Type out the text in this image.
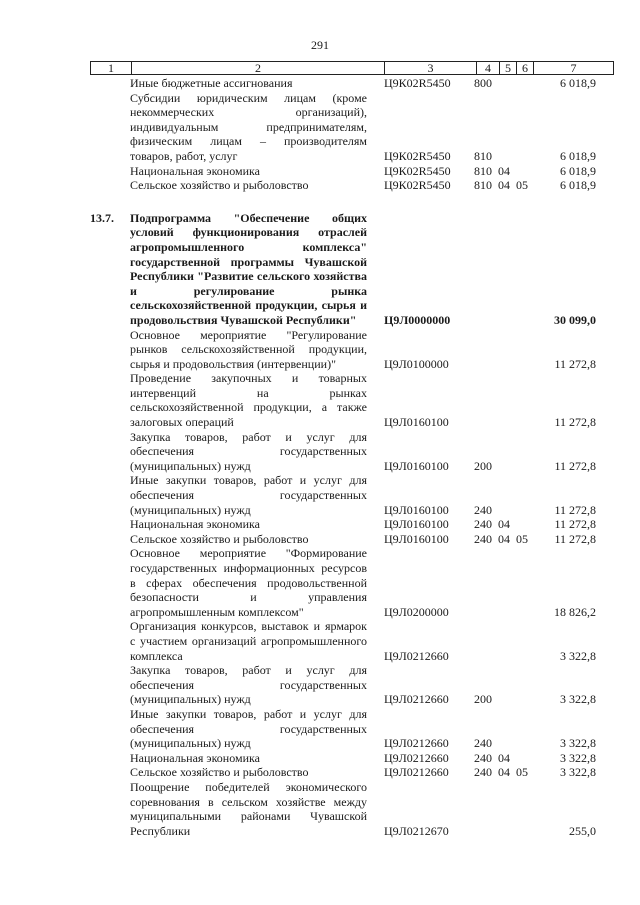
291
1	2	3	4	5	6	7
Иные бюджетные ассигнования	Ц9К02R5450	800	6 018,9
Субсидии юридическим лицам (кроме некоммерческих организаций), индивидуальным предпринимателям, физическим лицам – производителям товаров, работ, услуг	Ц9К02R5450	810	6 018,9
Национальная экономика	Ц9К02R5450	810 04	6 018,9
Сельское хозяйство и рыболовство	Ц9К02R5450	810 04 05	6 018,9
13.7.	Подпрограмма "Обеспечение общих условий функционирования отраслей агропромышленного комплекса" государственной программы Чувашской Республики "Развитие сельского хозяйства и регулирование рынка сельскохозяйственной продукции, сырья и продовольствия Чувашской Республики"	Ц9Л0000000	30 099,0
Основное мероприятие "Регулирование рынков сельскохозяйственной продукции, сырья и продовольствия (интервенции)"	Ц9Л0100000	11 272,8
Проведение закупочных и товарных интервенций на рынках сельскохозяйственной продукции, а также залоговых операций	Ц9Л0160100	11 272,8
Закупка товаров, работ и услуг для обеспечения государственных (муниципальных) нужд	Ц9Л0160100	200	11 272,8
Иные закупки товаров, работ и услуг для обеспечения государственных (муниципальных) нужд	Ц9Л0160100	240	11 272,8
Национальная экономика	Ц9Л0160100	240 04	11 272,8
Сельское хозяйство и рыболовство	Ц9Л0160100	240 04 05	11 272,8
Основное мероприятие "Формирование государственных информационных ресурсов в сферах обеспечения продовольственной безопасности и управления агропромышленным комплексом"	Ц9Л0200000	18 826,2
Организация конкурсов, выставок и ярмарок с участием организаций агропромышленного комплекса	Ц9Л0212660	3 322,8
Закупка товаров, работ и услуг для обеспечения государственных (муниципальных) нужд	Ц9Л0212660	200	3 322,8
Иные закупки товаров, работ и услуг для обеспечения государственных (муниципальных) нужд	Ц9Л0212660	240	3 322,8
Национальная экономика	Ц9Л0212660	240 04	3 322,8
Сельское хозяйство и рыболовство	Ц9Л0212660	240 04 05	3 322,8
Поощрение победителей экономического соревнования в сельском хозяйстве между муниципальными районами Чувашской Республики	Ц9Л0212670	255,0
